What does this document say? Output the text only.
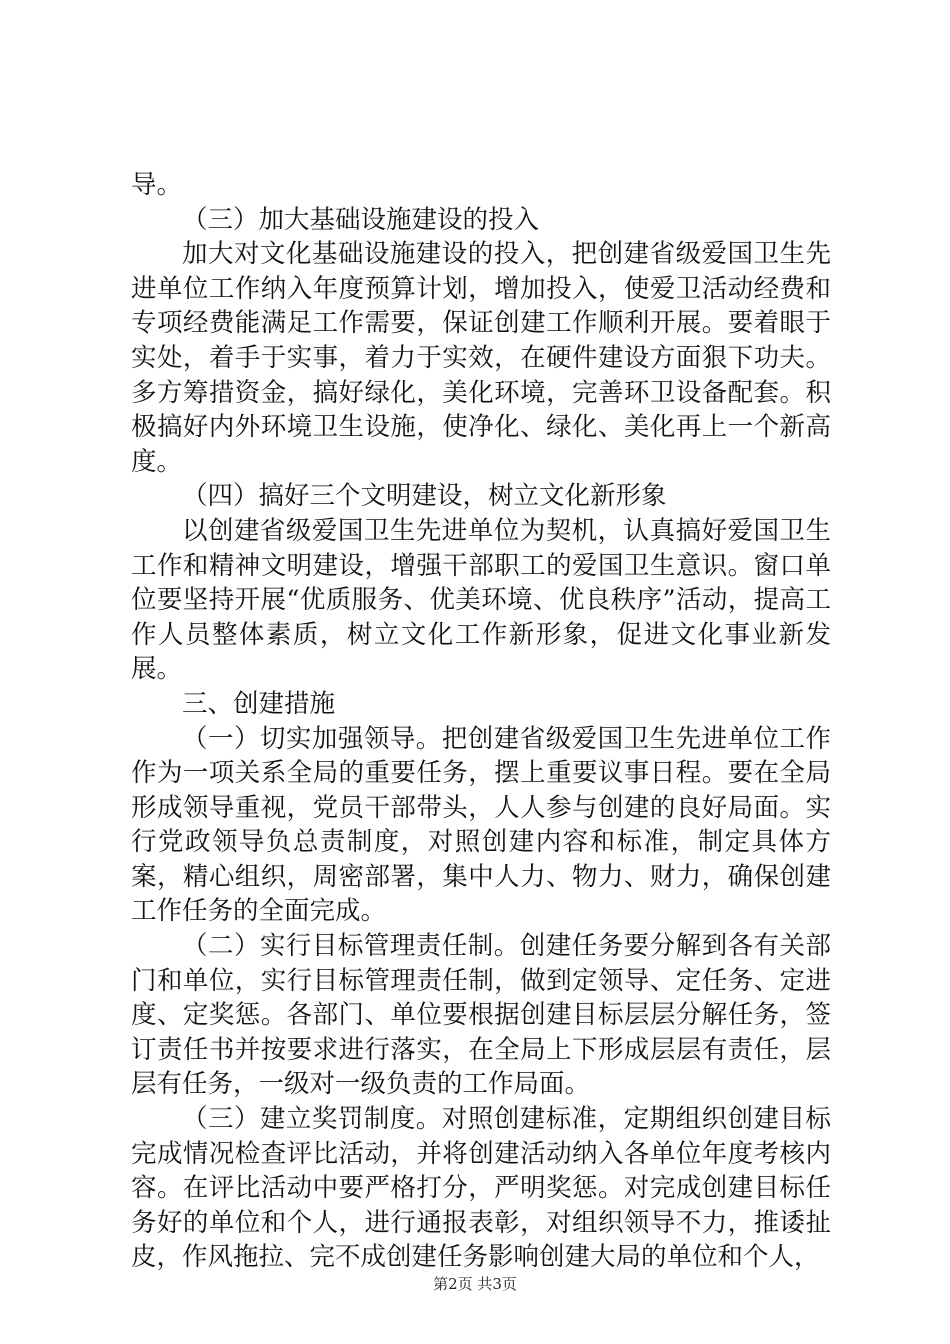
导。

（三）加大基础设施建设的投入

加大对文化基础设施建设的投入，把创建省级爱国卫生先进单位工作纳入年度预算计划，增加投入，使爱卫活动经费和专项经费能满足工作需要，保证创建工作顺利开展。要着眼于实处，着手于实事，着力于实效，在硬件建设方面狠下功夫。多方筹措资金，搞好绿化，美化环境，完善环卫设备配套。积极搞好内外环境卫生设施，使净化、绿化、美化再上一个新高度。

（四）搞好三个文明建设，树立文化新形象

以创建省级爱国卫生先进单位为契机，认真搞好爱国卫生工作和精神文明建设，增强干部职工的爱国卫生意识。窗口单位要坚持开展“优质服务、优美环境、优良秩序”活动，提高工作人员整体素质，树立文化工作新形象，促进文化事业新发展。

三、创建措施

（一）切实加强领导。把创建省级爱国卫生先进单位工作作为一项关系全局的重要任务，摆上重要议事日程。要在全局形成领导重视，党员干部带头，人人参与创建的良好局面。实行党政领导负总责制度，对照创建内容和标准，制定具体方案，精心组织，周密部署，集中人力、物力、财力，确保创建工作任务的全面完成。

（二）实行目标管理责任制。创建任务要分解到各有关部门和单位，实行目标管理责任制，做到定领导、定任务、定进度、定奖惩。各部门、单位要根据创建目标层层分解任务，签订责任书并按要求进行落实，在全局上下形成层层有责任，层层有任务，一级对一级负责的工作局面。

（三）建立奖罚制度。对照创建标准，定期组织创建目标完成情况检查评比活动，并将创建活动纳入各单位年度考核内容。在评比活动中要严格打分，严明奖惩。对完成创建目标任务好的单位和个人，进行通报表彰，对组织领导不力，推诿扯皮，作风拖拉、完不成创建任务影响创建大局的单位和个人，

第2页 共3页
